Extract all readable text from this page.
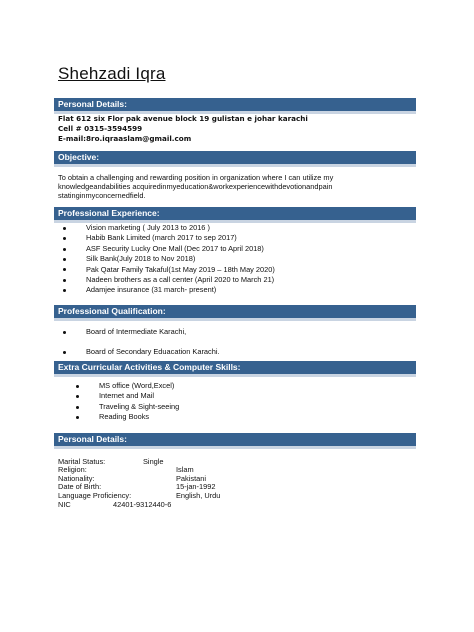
Shehzadi Iqra
Personal Details:
Flat 612 six Flor pak avenue block 19 gulistan e johar karachi
Cell # 0315-3594599
E-mail:8ro.iqraaslam@gmail.com
Objective:
To obtain a challenging and rewarding position in organization where I can utilize my
knowledgeandabilities acquiredinmyeducation&workexperiencewithdevotionandpain
statinginmyconcernedfield.
Professional Experience:
Vision marketing ( July 2013 to 2016 )
Habib Bank Limited (march 2017 to sep 2017)
ASF Security Lucky One Mall (Dec 2017 to April 2018)
Silk Bank(July 2018 to Nov 2018)
Pak Qatar Family Takaful(1st May 2019 – 18th May 2020)
Nadeen brothers as a call center (April 2020 to March 21)
Adamjee insurance (31 march- present)
Professional Qualification:
Board of Intermediate Karachi,
Board of Secondary Eduacation Karachi.
Extra Curricular Activities & Computer Skills:
MS office (Word,Excel)
Internet and Mail
Traveling & Sight-seeing
Reading Books
Personal Details:
Marital Status:	Single
Religion:	Islam
Nationality:	Pakistani
Date of Birth:	15-jan-1992
Language Proficiency:	English, Urdu
NIC	42401-9312440-6
